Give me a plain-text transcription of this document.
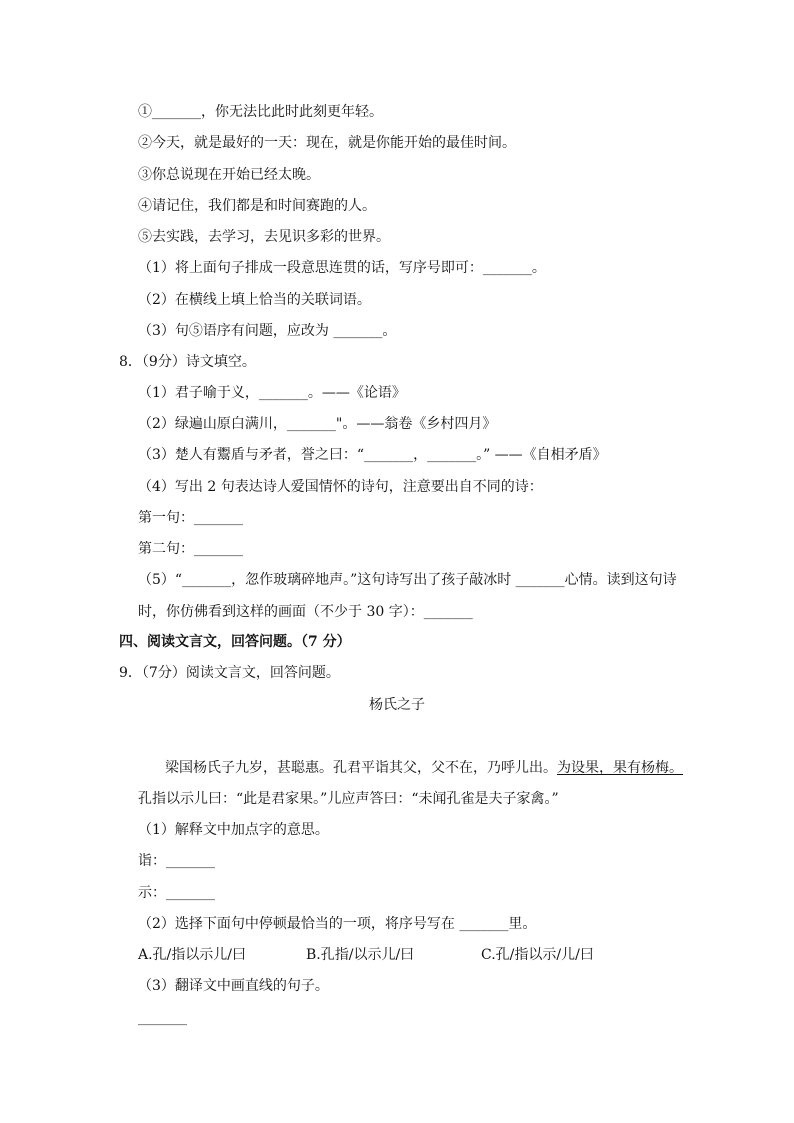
①_______，你无法比此时此刻更年轻。
②今天，就是最好的一天：现在，就是你能开始的最佳时间。
③你总说现在开始已经太晚。
④请记住，我们都是和时间赛跑的人。
⑤去实践，去学习，去见识多彩的世界。
（1）将上面句子排成一段意思连贯的话，写序号即可：_______。
（2）在横线上填上恰当的关联词语。
（3）句⑤语序有问题，应改为 _______。
8．（9分）诗文填空。
（1）君子喻于义，_______。——《论语》
（2）绿遍山原白满川，_______"。——翁卷《乡村四月》
（3）楚人有鬻盾与矛者，誉之曰：“_______，_______。” ——《自相矛盾》
（4）写出 2 句表达诗人爱国情怀的诗句，注意要出自不同的诗：
第一句：_______
第二句：_______
（5）“_______，忽作玻璃碎地声。”这句诗写出了孩子敲冰时 _______心情。读到这句诗
时，你仿佛看到这样的画面（不少于 30 字）：_______
四、阅读文言文，回答问题。（7 分）
9．（7分）阅读文言文，回答问题。
杨氏之子
梁国杨氏子九岁，甚聪惠。孔君平诣其父，父不在，乃呼儿出。为设果，果有杨梅。
孔指以示儿曰：“此是君家果。”儿应声答曰：“未闻孔雀是夫子家禽。”
（1）解释文中加点字的意思。
诣：_______
示：_______
（2）选择下面句中停顿最恰当的一项，将序号写在 _______里。
A.孔/指以示儿/曰	B.孔指/以示儿/曰	C.孔/指以示/儿/曰
（3）翻译文中画直线的句子。
_______
